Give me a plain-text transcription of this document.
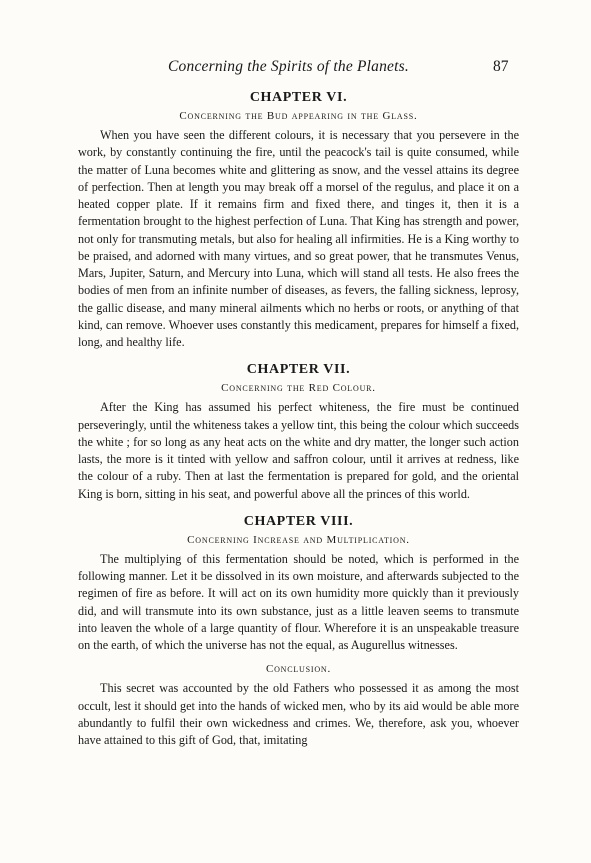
Concerning the Spirits of the Planets.	87
CHAPTER VI.
Concerning the Bud appearing in the Glass.

When you have seen the different colours, it is necessary that you persevere in the work, by constantly continuing the fire, until the peacock's tail is quite consumed, while the matter of Luna becomes white and glittering as snow, and the vessel attains its degree of perfection. Then at length you may break off a morsel of the regulus, and place it on a heated copper plate. If it remains firm and fixed there, and tinges it, then it is a fermentation brought to the highest perfection of Luna. That King has strength and power, not only for transmuting metals, but also for healing all infirmities. He is a King worthy to be praised, and adorned with many virtues, and so great power, that he transmutes Venus, Mars, Jupiter, Saturn, and Mercury into Luna, which will stand all tests. He also frees the bodies of men from an infinite number of diseases, as fevers, the falling sickness, leprosy, the gallic disease, and many mineral ailments which no herbs or roots, or anything of that kind, can remove. Whoever uses constantly this medicament, prepares for himself a fixed, long, and healthy life.

CHAPTER VII.
Concerning the Red Colour.

After the King has assumed his perfect whiteness, the fire must be continued perseveringly, until the whiteness takes a yellow tint, this being the colour which succeeds the white ; for so long as any heat acts on the white and dry matter, the longer such action lasts, the more is it tinted with yellow and saffron colour, until it arrives at redness, like the colour of a ruby. Then at last the fermentation is prepared for gold, and the oriental King is born, sitting in his seat, and powerful above all the princes of this world.

CHAPTER VIII.
Concerning Increase and Multiplication.

The multiplying of this fermentation should be noted, which is performed in the following manner. Let it be dissolved in its own moisture, and afterwards subjected to the regimen of fire as before. It will act on its own humidity more quickly than it previously did, and will transmute into its own substance, just as a little leaven seems to transmute into leaven the whole of a large quantity of flour. Wherefore it is an unspeakable treasure on the earth, of which the universe has not the equal, as Augurellus witnesses.

Conclusion.

This secret was accounted by the old Fathers who possessed it as among the most occult, lest it should get into the hands of wicked men, who by its aid would be able more abundantly to fulfil their own wickedness and crimes. We, therefore, ask you, whoever have attained to this gift of God, that, imitating
